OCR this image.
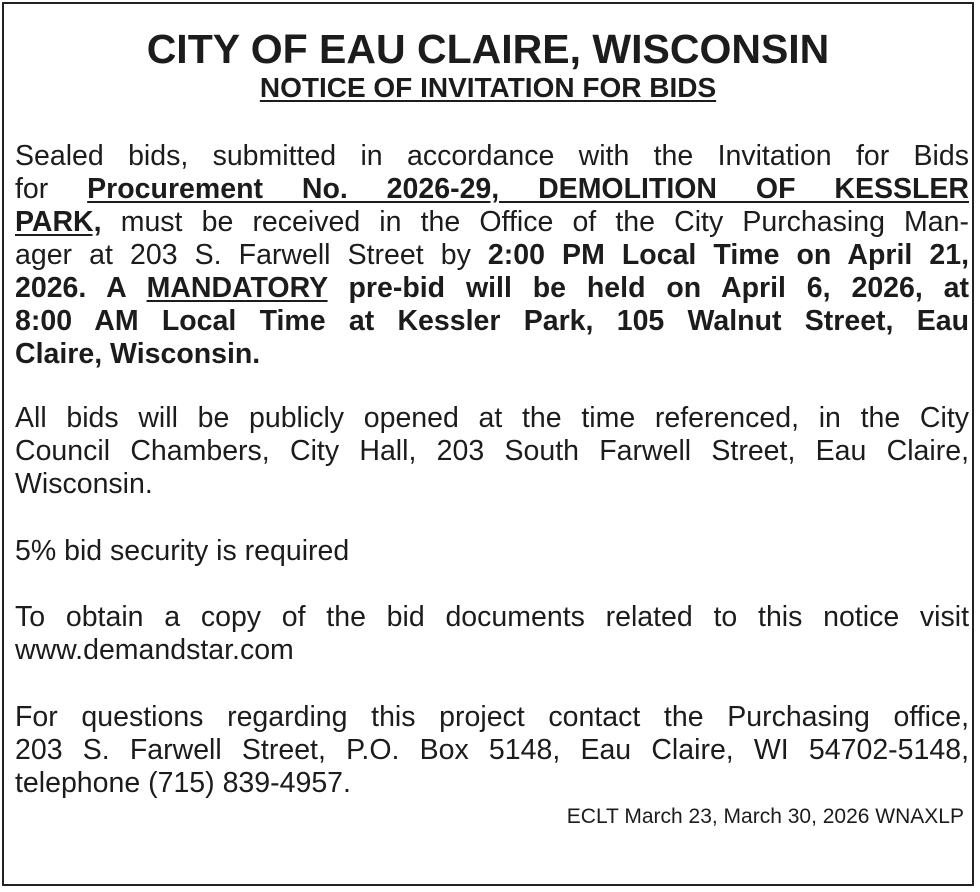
CITY OF EAU CLAIRE, WISCONSIN
NOTICE OF INVITATION FOR BIDS
Sealed bids, submitted in accordance with the Invitation for Bids
for Procurement No. 2026-29, DEMOLITION OF KESSLER
PARK, must be received in the Office of the City Purchasing Man-
ager at 203 S. Farwell Street by 2:00 PM Local Time on April 21,
2026. A MANDATORY pre-bid will be held on April 6, 2026, at
8:00 AM Local Time at Kessler Park, 105 Walnut Street, Eau
Claire, Wisconsin.
All bids will be publicly opened at the time referenced, in the City
Council Chambers, City Hall, 203 South Farwell Street, Eau Claire,
Wisconsin.
5% bid security is required
To obtain a copy of the bid documents related to this notice visit
www.demandstar.com
For questions regarding this project contact the Purchasing office,
203 S. Farwell Street, P.O. Box 5148, Eau Claire, WI 54702-5148,
telephone (715) 839-4957.
ECLT March 23, March 30, 2026 WNAXLP
